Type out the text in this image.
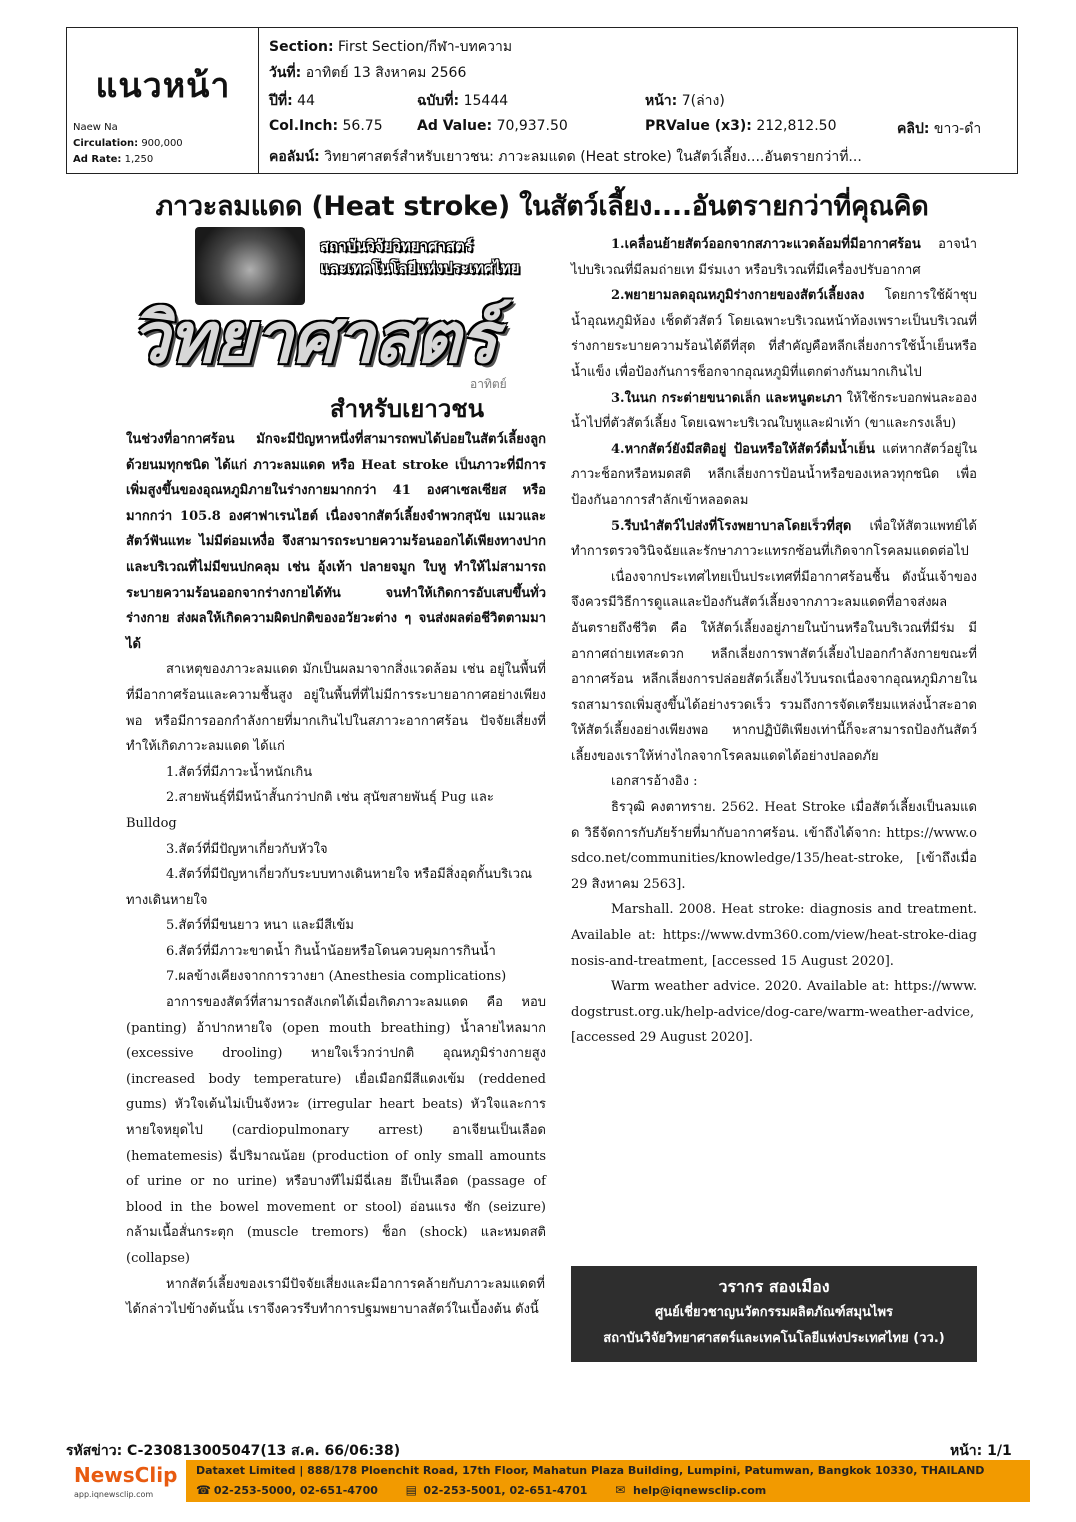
แนวหน้า
Naew Na
Circulation: 900,000
Ad Rate: 1,250
Section: First Section/กีฬา-บทความ
วันที่: อาทิตย์ 13 สิงหาคม 2566
ปีที่: 44	ฉบับที่: 15444	หน้า: 7(ล่าง)
Col.Inch: 56.75 Ad Value: 70,937.50	PRValue (x3): 212,812.50	คลิป: ขาว-ดำ
คอลัมน์: วิทยาศาสตร์สำหรับเยาวชน: ภาวะลมแดด (Heat stroke) ในสัตว์เลี้ยง....อันตรายกว่าที่...
ภาวะลมแดด (Heat stroke) ในสัตว์เลี้ยง....อันตรายกว่าที่คุณคิด
สถาบันวิจัยวิทยาศาสตร์
และเทคโนโลยีแห่งประเทศไทย
วิทยาศาสตร์
อาทิตย์
สำหรับเยาวชน

ในช่วงที่อากาศร้อน มักจะมีปัญหาหนึ่งที่สามารถพบได้บ่อยในสัตว์เลี้ยงลูกด้วยนมทุกชนิด ได้แก่ ภาวะลมแดด หรือ Heat stroke เป็นภาวะที่มีการเพิ่มสูงขึ้นของอุณหภูมิภายในร่างกายมากกว่า 41 องศาเซลเซียส หรือมากกว่า 105.8 องศาฟาเรนไฮต์ เนื่องจากสัตว์เลี้ยงจำพวกสุนัข แมวและสัตว์ฟันแทะ ไม่มีต่อมเหงื่อ จึงสามารถระบายความร้อนออกได้เพียงทางปาก และบริเวณที่ไม่มีขนปกคลุม เช่น อุ้งเท้า ปลายจมูก ใบหู ทำให้ไม่สามารถระบายความร้อนออกจากร่างกายได้ทัน จนทำให้เกิดการอับเสบขึ้นทั่วร่างกาย ส่งผลให้เกิดความผิดปกติของอวัยวะต่าง ๆ จนส่งผลต่อชีวิตตามมาได้

สาเหตุของภาวะลมแดด มักเป็นผลมาจากสิ่งแวดล้อม เช่น อยู่ในพื้นที่ที่มีอากาศร้อนและความชื้นสูง อยู่ในพื้นที่ที่ไม่มีการระบายอากาศอย่างเพียงพอ หรือมีการออกกำลังกายที่มากเกินไปในสภาวะอากาศร้อน ปัจจัยเสี่ยงที่ทำให้เกิดภาวะลมแดด ได้แก่

1.สัตว์ที่มีภาวะน้ำหนักเกิน

2.สายพันธุ์ที่มีหน้าสั้นกว่าปกติ เช่น สุนัขสายพันธุ์ Pug และ Bulldog

3.สัตว์ที่มีปัญหาเกี่ยวกับหัวใจ

4.สัตว์ที่มีปัญหาเกี่ยวกับระบบทางเดินหายใจ หรือมีสิ่งอุดกั้นบริเวณทางเดินหายใจ

5.สัตว์ที่มีขนยาว หนา และมีสีเข้ม

6.สัตว์ที่มีภาวะขาดน้ำ กินน้ำน้อยหรือโดนควบคุมการกินน้ำ

7.ผลข้างเคียงจากการวางยา (Anesthesia complications)

อาการของสัตว์ที่สามารถสังเกตได้เมื่อเกิดภาวะลมแดด คือ หอบ (panting) อ้าปากหายใจ (open mouth breathing) น้ำลายไหลมาก (excessive drooling) หายใจเร็วกว่าปกติ อุณหภูมิร่างกายสูง (increased body temperature) เยื่อเมือกมีสีแดงเข้ม (reddened gums) หัวใจเต้นไม่เป็นจังหวะ (irregular heart beats) หัวใจและการหายใจหยุดไป (cardiopulmonary arrest) อาเจียนเป็นเลือด (hematemesis) ฉี่ปริมาณน้อย (production of only small amounts of urine or no urine) หรือบางทีไม่มีฉี่เลย อึเป็นเลือด (passage of blood in the bowel movement or stool) อ่อนแรง ชัก (seizure) กล้ามเนื้อสั่นกระตุก (muscle tremors) ช็อก (shock) และหมดสติ (collapse)

หากสัตว์เลี้ยงของเรามีปัจจัยเสี่ยงและมีอาการคล้ายกับภาวะลมแดดที่ได้กล่าวไปข้างต้นนั้น เราจึงควรรีบทำการปฐมพยาบาลสัตว์ในเบื้องต้น ดังนี้

1.เคลื่อนย้ายสัตว์ออกจากสภาวะแวดล้อมที่มีอากาศร้อน อาจนำไปบริเวณที่มีลมถ่ายเท มีร่มเงา หรือบริเวณที่มีเครื่องปรับอากาศ

2.พยายามลดอุณหภูมิร่างกายของสัตว์เลี้ยงลง โดยการใช้ผ้าชุบน้ำอุณหภูมิห้อง เช็ดตัวสัตว์ โดยเฉพาะบริเวณหน้าท้องเพราะเป็นบริเวณที่ร่างกายระบายความร้อนได้ดีที่สุด ที่สำคัญคือหลีกเลี่ยงการใช้น้ำเย็นหรือน้ำแข็ง เพื่อป้องกันการช็อกจากอุณหภูมิที่แตกต่างกันมากเกินไป

3.ในนก กระต่ายขนาดเล็ก และหนูตะเภา ให้ใช้กระบอกพ่นละอองน้ำไปที่ตัวสัตว์เลี้ยง โดยเฉพาะบริเวณใบหูและฝ่าเท้า (ขาและกรงเล็บ)

4.หากสัตว์ยังมีสติอยู่ ป้อนหรือให้สัตว์ดื่มน้ำเย็น แต่หากสัตว์อยู่ในภาวะช็อกหรือหมดสติ หลีกเลี่ยงการป้อนน้ำหรือของเหลวทุกชนิด เพื่อป้องกันอาการสำลักเข้าหลอดลม

5.รีบนำสัตว์ไปส่งที่โรงพยาบาลโดยเร็วที่สุด เพื่อให้สัตวแพทย์ได้ทำการตรวจวินิจฉัยและรักษาภาวะแทรกซ้อนที่เกิดจากโรคลมแดดต่อไป

เนื่องจากประเทศไทยเป็นประเทศที่มีอากาศร้อนชื้น ดังนั้นเจ้าของจึงควรมีวิธีการดูแลและป้องกันสัตว์เลี้ยงจากภาวะลมแดดที่อาจส่งผลอันตรายถึงชีวิต คือ ให้สัตว์เลี้ยงอยู่ภายในบ้านหรือในบริเวณที่มีร่ม มีอากาศถ่ายเทสะดวก หลีกเลี่ยงการพาสัตว์เลี้ยงไปออกกำลังกายขณะที่อากาศร้อน หลีกเลี่ยงการปล่อยสัตว์เลี้ยงไว้บนรถเนื่องจากอุณหภูมิภายในรถสามารถเพิ่มสูงขึ้นได้อย่างรวดเร็ว รวมถึงการจัดเตรียมแหล่งน้ำสะอาดให้สัตว์เลี้ยงอย่างเพียงพอ หากปฏิบัติเพียงเท่านี้ก็จะสามารถป้องกันสัตว์เลี้ยงของเราให้ห่างไกลจากโรคลมแดดได้อย่างปลอดภัย

เอกสารอ้างอิง :

ธิรวุฒิ คงตาทราย. 2562. Heat Stroke เมื่อสัตว์เลี้ยงเป็นลมแดด วิธีจัดการกับภัยร้ายที่มากับอากาศร้อน. เข้าถึงได้จาก: https://www.osdco.net/communities/knowledge/135/heat-stroke, [เข้าถึงเมื่อ 29 สิงหาคม 2563].

Marshall. 2008. Heat stroke: diagnosis and treatment. Available at: https://www.dvm360.com/view/heat-stroke-diagnosis-and-treatment, [accessed 15 August 2020].

Warm weather advice. 2020. Available at: https://www.dogstrust.org.uk/help-advice/dog-care/warm-weather-advice, [accessed 29 August 2020].

วรากร สองเมือง
ศูนย์เชี่ยวชาญนวัตกรรมผลิตภัณฑ์สมุนไพร
สถาบันวิจัยวิทยาศาสตร์และเทคโนโลยีแห่งประเทศไทย (วว.)
รหัสข่าว: C-230813005047(13 ส.ค. 66/06:38)	หน้า: 1/1
NewsClip
app.iqnewsclip.com
Dataxet Limited | 888/178 Ploenchit Road, 17th Floor, Mahatun Plaza Building, Lumpini, Patumwan, Bangkok 10330, THAILAND
☎ 02-253-5000, 02-651-4700 ▤ 02-253-5001, 02-651-4701 ✉ help@iqnewsclip.com
